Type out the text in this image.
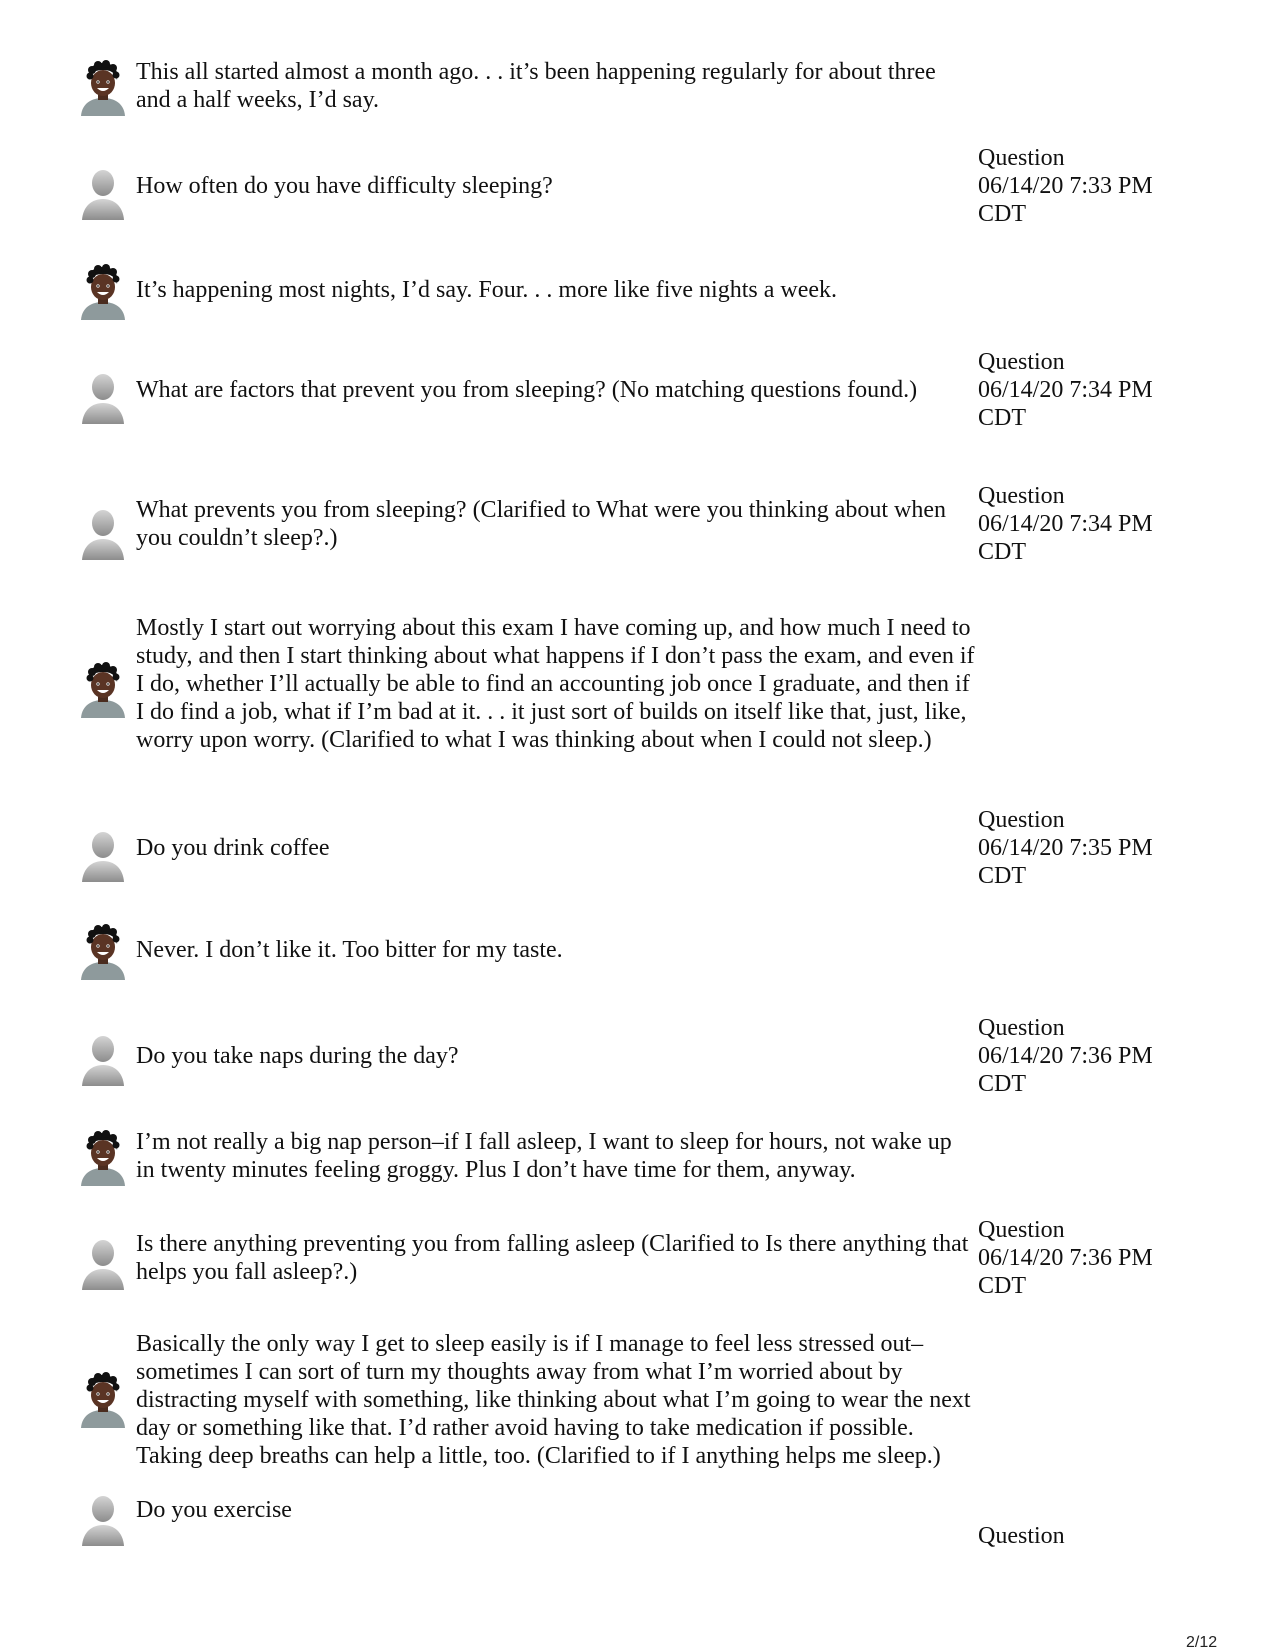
This all started almost a month ago. . . it’s been happening regularly for about three and a half weeks, I’d say.
How often do you have difficulty sleeping?
Question
06/14/20 7:33 PM
CDT
It’s happening most nights, I’d say. Four. . . more like five nights a week.
What are factors that prevent you from sleeping? (No matching questions found.)
Question
06/14/20 7:34 PM
CDT
What prevents you from sleeping? (Clarified to What were you thinking about when you couldn’t sleep?.)
Question
06/14/20 7:34 PM
CDT
Mostly I start out worrying about this exam I have coming up, and how much I need to study, and then I start thinking about what happens if I don’t pass the exam, and even if I do, whether I’ll actually be able to find an accounting job once I graduate, and then if I do find a job, what if I’m bad at it. . . it just sort of builds on itself like that, just, like, worry upon worry. (Clarified to what I was thinking about when I could not sleep.)
Do you drink coffee
Question
06/14/20 7:35 PM
CDT
Never. I don’t like it. Too bitter for my taste.
Do you take naps during the day?
Question
06/14/20 7:36 PM
CDT
I’m not really a big nap person–if I fall asleep, I want to sleep for hours, not wake up in twenty minutes feeling groggy. Plus I don’t have time for them, anyway.
Is there anything preventing you from falling asleep (Clarified to Is there anything that helps you fall asleep?.)
Question
06/14/20 7:36 PM
CDT
Basically the only way I get to sleep easily is if I manage to feel less stressed out–sometimes I can sort of turn my thoughts away from what I’m worried about by distracting myself with something, like thinking about what I’m going to wear the next day or something like that. I’d rather avoid having to take medication if possible. Taking deep breaths can help a little, too. (Clarified to if I anything helps me sleep.)
Do you exercise
Question
2/12
